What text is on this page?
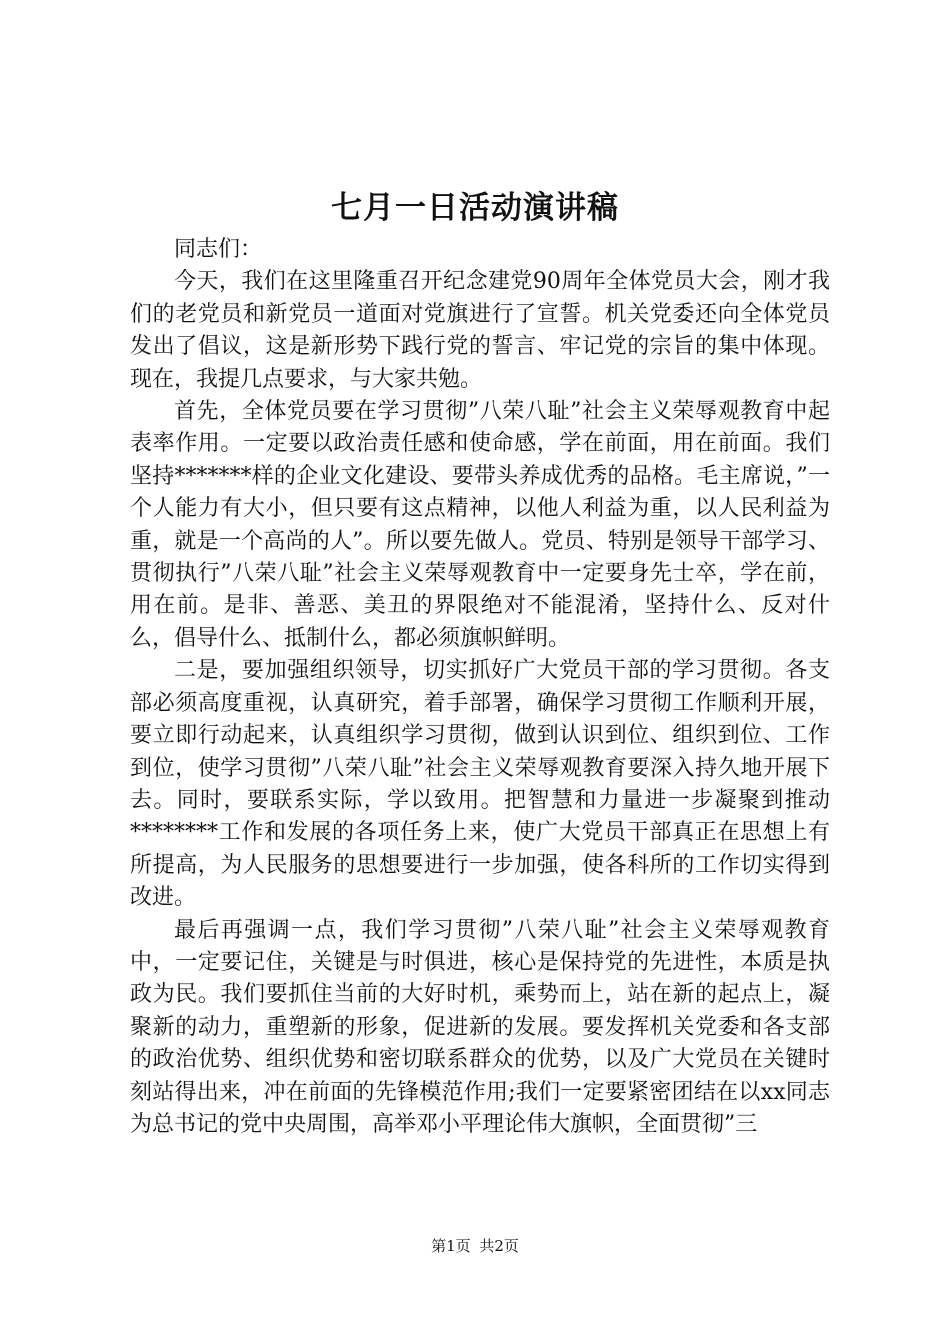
七月一日活动演讲稿

同志们：

今天，我们在这里隆重召开纪念建党90周年全体党员大会，刚才我们的老党员和新党员一道面对党旗进行了宣誓。机关党委还向全体党员发出了倡议，这是新形势下践行党的誓言、牢记党的宗旨的集中体现。现在，我提几点要求，与大家共勉。

首先，全体党员要在学习贯彻”八荣八耻”社会主义荣辱观教育中起表率作用。一定要以政治责任感和使命感，学在前面，用在前面。我们坚持*******样的企业文化建设、要带头养成优秀的品格。毛主席说，”一个人能力有大小，但只要有这点精神，以他人利益为重，以人民利益为重，就是一个高尚的人”。所以要先做人。党员、特别是领导干部学习、贯彻执行”八荣八耻”社会主义荣辱观教育中一定要身先士卒，学在前，用在前。是非、善恶、美丑的界限绝对不能混淆，坚持什么、反对什么，倡导什么、抵制什么，都必须旗帜鲜明。

二是，要加强组织领导，切实抓好广大党员干部的学习贯彻。各支部必须高度重视，认真研究，着手部署，确保学习贯彻工作顺利开展，要立即行动起来，认真组织学习贯彻，做到认识到位、组织到位、工作到位，使学习贯彻”八荣八耻”社会主义荣辱观教育要深入持久地开展下去。同时，要联系实际，学以致用。把智慧和力量进一步凝聚到推动********工作和发展的各项任务上来，使广大党员干部真正在思想上有所提高，为人民服务的思想要进行一步加强，使各科所的工作切实得到改进。

最后再强调一点，我们学习贯彻”八荣八耻”社会主义荣辱观教育中，一定要记住，关键是与时俱进，核心是保持党的先进性，本质是执政为民。我们要抓住当前的大好时机，乘势而上，站在新的起点上，凝聚新的动力，重塑新的形象，促进新的发展。要发挥机关党委和各支部的政治优势、组织优势和密切联系群众的优势，以及广大党员在关键时刻站得出来，冲在前面的先锋模范作用;我们一定要紧密团结在以xx同志为总书记的党中央周围，高举邓小平理论伟大旗帜，全面贯彻”三

第1页 共2页
